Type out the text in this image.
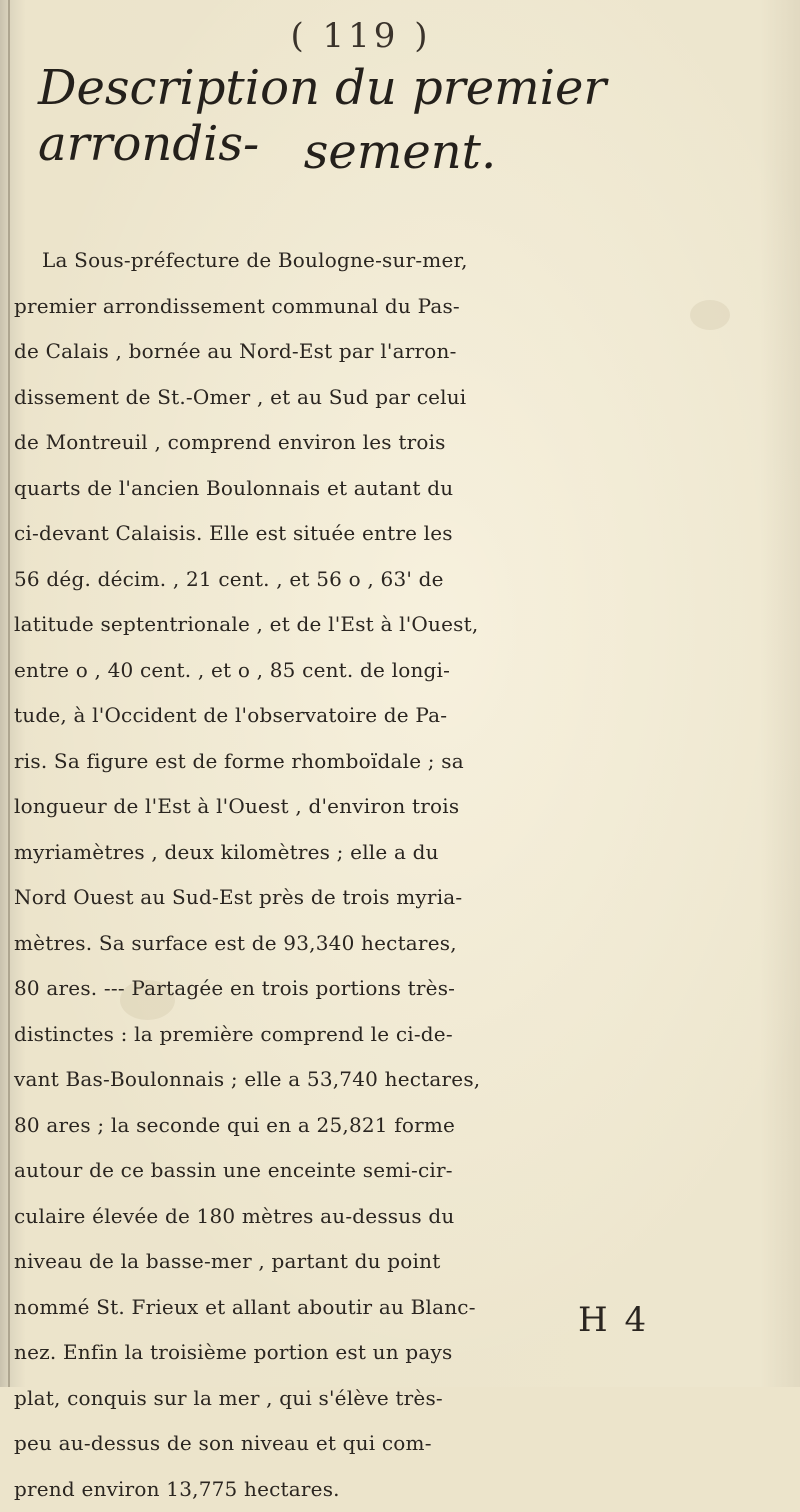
( 119 )
Description du premier arrondis- sement.
La Sous-préfecture de Boulogne-sur-mer,
premier arrondissement communal du Pas-
de Calais , bornée au Nord-Est par l'arron-
dissement de St.-Omer , et au Sud par celui
de Montreuil , comprend environ les trois
quarts de l'ancien Boulonnais et autant du
ci-devant Calaisis. Elle est située entre les
56 dég. décim. , 21 cent. , et 56 o , 63' de
latitude septentrionale , et de l'Est à l'Ouest,
entre o , 40 cent. , et o , 85 cent. de longi-
tude, à l'Occident de l'observatoire de Pa-
ris. Sa figure est de forme rhomboïdale ; sa
longueur de l'Est à l'Ouest , d'environ trois
myriamètres , deux kilomètres ; elle a du
Nord Ouest au Sud-Est près de trois myria-
mètres. Sa surface est de 93,340 hectares,
80 ares. --- Partagée en trois portions très-
distinctes : la première comprend le ci-de-
vant Bas-Boulonnais ; elle a 53,740 hectares,
80 ares ; la seconde qui en a 25,821 forme
autour de ce bassin une enceinte semi-cir-
culaire élevée de 180 mètres au-dessus du
niveau de la basse-mer , partant du point
nommé St. Frieux et allant aboutir au Blanc-
nez. Enfin la troisième portion est un pays
plat, conquis sur la mer , qui s'élève très-
peu au-dessus de son niveau et qui com-
prend environ 13,775 hectares.
H 4
